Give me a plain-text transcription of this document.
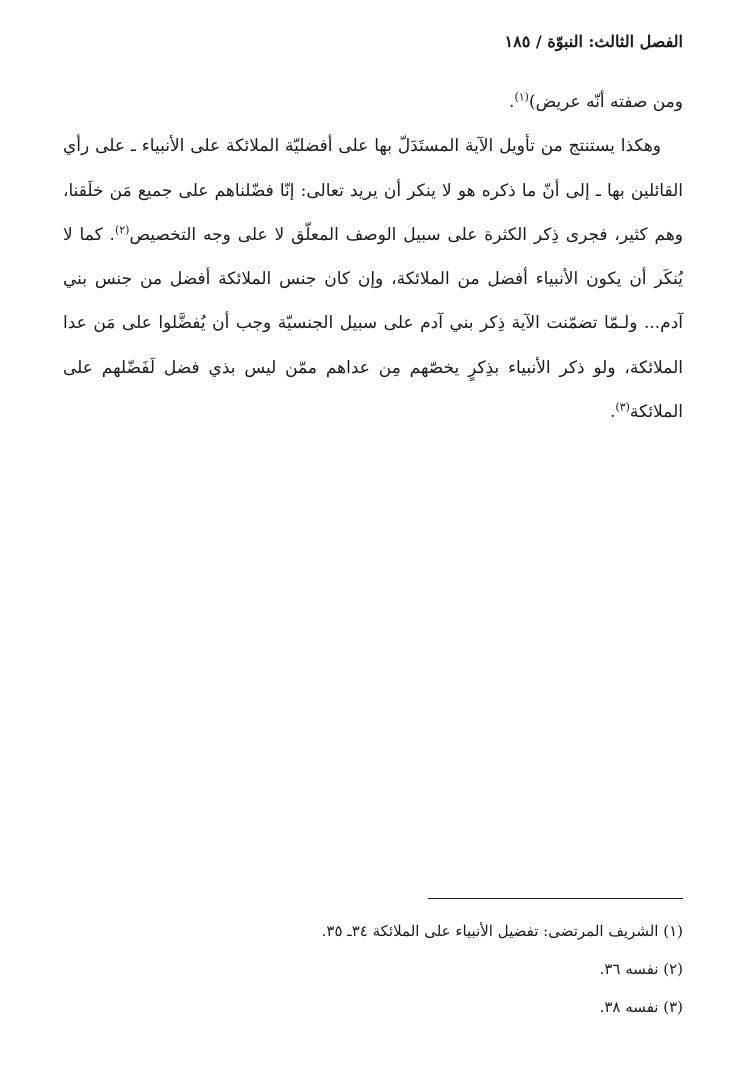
الفصل الثالث: النبوّة / ١٨٥

ومن صفته أنّه عريض)$^{(١)}$.

وهكذا يستنتج من تأويل الآية المستَدَلّ بها على أفضليّة الملائكة على الأنبياء ـ على رأي القائلين بها ـ إلى أنّ ما ذكره هو لا ينكر أن يريد تعالى: إنّا فضّلناهم على جميع مَن خلَقنا، وهم كثير، فجرى ذِكر الكثرة على سبيل الوصف المعلّق لا على وجه التخصيص$^{(٢)}$. كما لا يُنكَر أن يكون الأنبياء أفضل من الملائكة، وإن كان جنس الملائكة أفضل من جنس بني آدم... ولـمّا تضمّنت الآية ذِكر بني آدم على سبيل الجنسيّة وجب أن يُفضَّلوا على مَن عدا الملائكة، ولو ذكر الأنبياء بذِكرٍ يخصّهم مِن عداهم ممّن ليس بذي فضل لَفَضّلهم على الملائكة$^{(٣)}$.

(١) الشريف المرتضى: تفضيل الأنبياء على الملائكة ٣٤ـ ٣٥.

(٢) نفسه ٣٦.

(٣) نفسه ٣٨.
